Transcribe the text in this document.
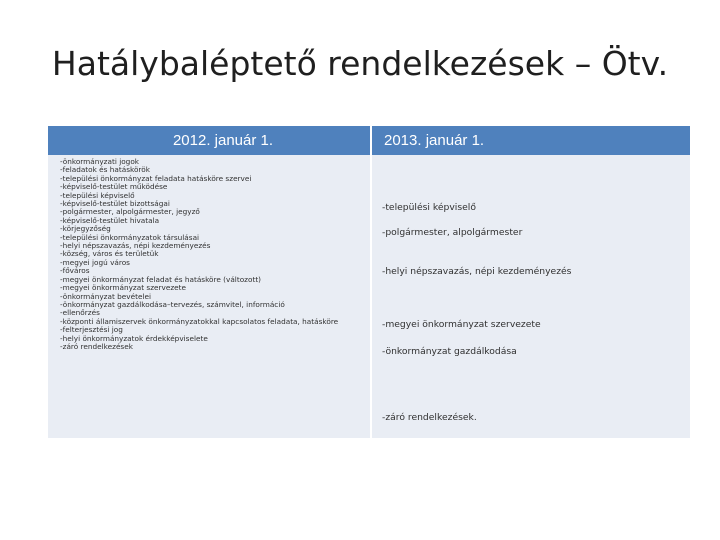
Hatálybaléptető rendelkezések – Ötv.
2012. január 1.	2013. január 1.
-önkormányzati jogok
-feladatok és hatáskörök
-települési önkormányzat feladata hatásköre szervei
-képviselő-testület működése
-települési képviselő
-képviselő-testület bizottságai
-polgármester, alpolgármester, jegyző
-képviselő-testület hivatala
-körjegyzőség
-települési önkormányzatok társulásai
-helyi népszavazás, népi kezdeményezés
-község, város és területük
-megyei jogú város
-főváros
-megyei önkormányzat feladat és hatásköre (változott)
-megyei önkormányzat szervezete
-önkormányzat bevételei
-önkormányzat gazdálkodása–tervezés, számvitel, információ
-ellenőrzés
-központi államiszervek önkormányzatokkal kapcsolatos feladata, hatásköre
-felterjesztési jog
-helyi önkormányzatok érdekképviselete
-záró rendelkezések
-települési képviselő
-polgármester, alpolgármester
-helyi népszavazás, népi kezdeményezés
-megyei önkormányzat szervezete
-önkormányzat gazdálkodása
-záró rendelkezések.
